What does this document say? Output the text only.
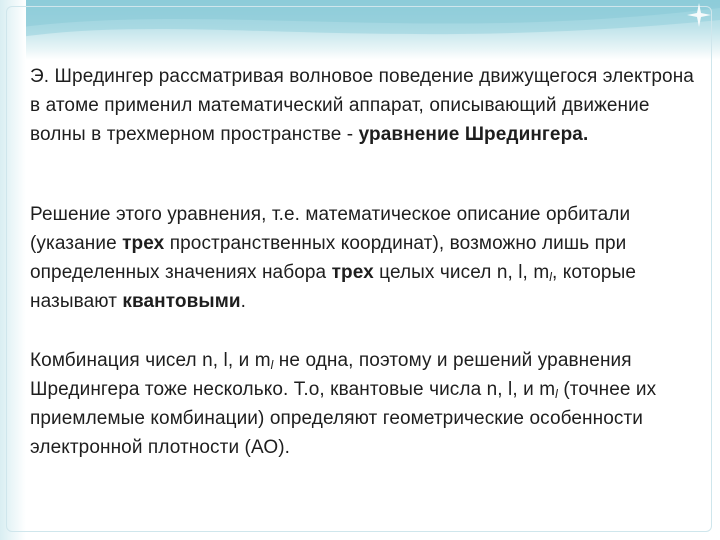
Э. Шредингер рассматривая волновое поведение движущегося электрона в атоме применил математический аппарат, описывающий движение волны в трехмерном пространстве - уравнение Шредингера.

Решение этого уравнения, т.е. математическое описание орбитали (указание трех пространственных координат), возможно лишь при определенных значениях набора трех целых чисел n, l, $m_l$, которые называют квантовыми.

Комбинация чисел n, l, и $m_l$ не одна, поэтому и решений уравнения Шредингера тоже несколько. Т.о, квантовые числа n, l, и $m_l$ (точнее их приемлемые комбинации) определяют геометрические особенности электронной плотности (АО).
